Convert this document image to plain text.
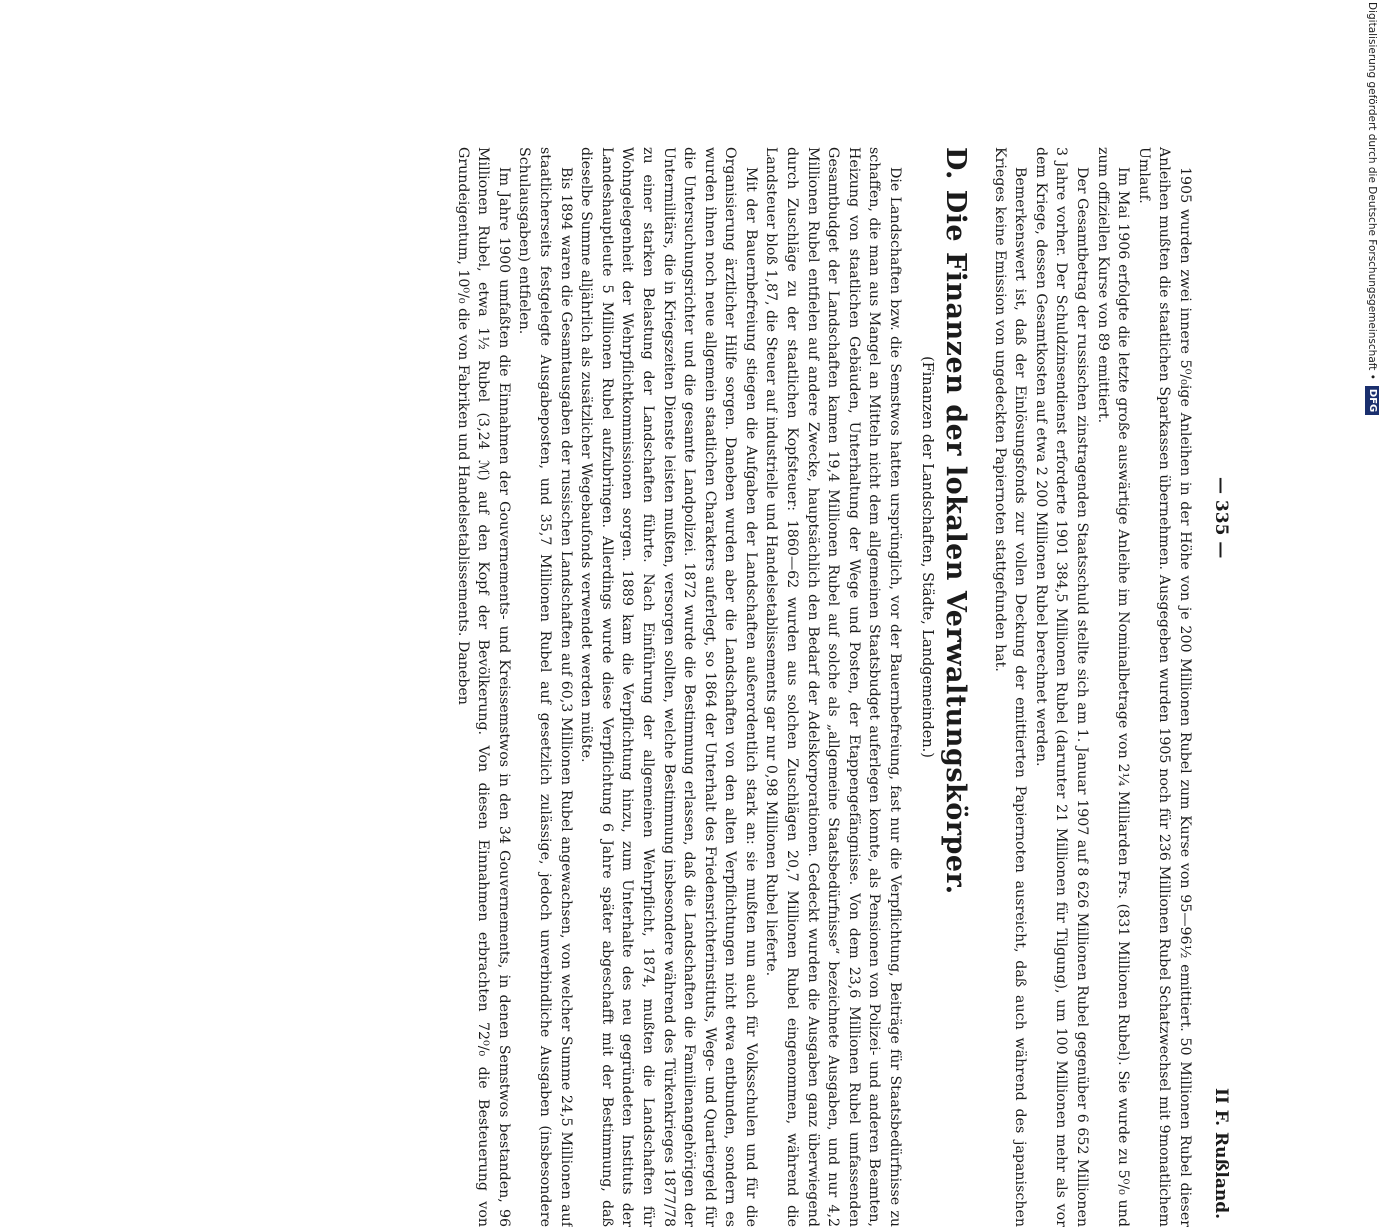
— 335 —
II F. Rußland.

1905 wurden zwei innere 5⁰/₀ige Anleihen in der Höhe von je 200 Millionen Rubel zum Kurse von 95—96½ emittiert. 50 Millionen Rubel dieser Anleihen mußten die staatlichen Sparkassen übernehmen. Ausgegeben wurden 1905 noch für 236 Millionen Rubel Schatzwechsel mit 9monatlichem Umlauf.

Im Mai 1906 erfolgte die letzte große auswärtige Anleihe im Nominalbetrage von 2¼ Milliarden Frs. (831 Millionen Rubel). Sie wurde zu 5⁰/₀ und zum offiziellen Kurse von 89 emittiert.

Der Gesamtbetrag der russischen zinstragenden Staatsschuld stellte sich am 1. Januar 1907 auf 8 626 Millionen Rubel gegenüber 6 652 Millionen 3 Jahre vorher. Der Schuldzinsendienst erforderte 1901 384,5 Millionen Rubel (darunter 21 Millionen für Tilgung), um 100 Millionen mehr als vor dem Kriege, dessen Gesamtkosten auf etwa 2 200 Millionen Rubel berechnet werden.

Bemerkenswert ist, daß der Einlösungsfonds zur vollen Deckung der emittierten Papiernoten ausreicht, daß auch während des japanischen Krieges keine Emission von ungedeckten Papiernoten stattgefunden hat.

D. Die Finanzen der lokalen Verwaltungskörper.
(Finanzen der Landschaften, Städte, Landgemeinden.)

Die Landschaften bzw. die Semstwos hatten ursprünglich, vor der Bauernbefreiung, fast nur die Verpflichtung, Beiträge für Staatsbedürfnisse zu schaffen, die man aus Mangel an Mitteln nicht dem allgemeinen Staatsbudget auferlegen konnte, als Pensionen von Polizei- und anderen Beamten, Heizung von staatlichen Gebäuden, Unterhaltung der Wege und Posten, der Etappengefängnisse. Von dem 23,6 Millionen Rubel umfassenden Gesamtbudget der Landschaften kamen 19,4 Millionen Rubel auf solche als „allgemeine Staatsbedürfnisse“ bezeichnete Ausgaben, und nur 4,2 Millionen Rubel entfielen auf andere Zwecke, hauptsächlich den Bedarf der Adelskorporationen. Gedeckt wurden die Ausgaben ganz überwiegend durch Zuschläge zu der staatlichen Kopfsteuer: 1860—62 wurden aus solchen Zuschlägen 20,7 Millionen Rubel eingenommen, während die Landsteuer bloß 1,87, die Steuer auf industrielle und Handelsetablissements gar nur 0,98 Millionen Rubel lieferte.

Mit der Bauernbefreiung stiegen die Aufgaben der Landschaften außerordentlich stark an: sie mußten nun auch für Volksschulen und für die Organisierung ärztlicher Hilfe sorgen. Daneben wurden aber die Landschaften von den alten Verpflichtungen nicht etwa entbunden, sondern es wurden ihnen noch neue allgemein staatlichen Charakters auferlegt, so 1864 der Unterhalt des Friedensrichterinstituts, Wege- und Quartiergeld für die Untersuchungsrichter und die gesamte Landpolizei. 1872 wurde die Bestimmung erlassen, daß die Landschaften die Familienangehörigen der Untermilitärs, die in Kriegszeiten Dienste leisten mußten, versorgen sollten, welche Bestimmung insbesondere während des Türkenkrieges 1877/78 zu einer starken Belastung der Landschaften führte. Nach Einführung der allgemeinen Wehrpflicht, 1874, mußten die Landschaften für Wohngelegenheit der Wehrpflichtkommissionen sorgen. 1889 kam die Verpflichtung hinzu, zum Unterhalte des neu gegründeten Instituts der Landeshauptleute 5 Millionen Rubel aufzubringen. Allerdings wurde diese Verpflichtung 6 Jahre später abgeschafft mit der Bestimmung, daß dieselbe Summe alljährlich als zusätzlicher Wegebaufonds verwendet werden müßte.

Bis 1894 waren die Gesamtausgaben der russischen Landschaften auf 60,3 Millionen Rubel angewachsen, von welcher Summe 24,5 Millionen auf staatlicherseits festgelegte Ausgabeposten, und 35,7 Millionen Rubel auf gesetzlich zulässige, jedoch unverbindliche Ausgaben (insbesondere Schulausgaben) entfielen.

Im Jahre 1900 umfaßten die Einnahmen der Gouvernements- und Kreissemstwos in den 34 Gouvernements, in denen Semstwos bestanden, 96 Millionen Rubel, etwa 1½ Rubel (3,24 ℳ) auf den Kopf der Bevölkerung. Von diesen Einnahmen erbrachten 72⁰/₀ die Besteuerung von Grundeigentum, 10⁰/₀ die von Fabriken und Handelsetablissements. Daneben	Digitalisierung gefördert durch die Deutsche Forschungsgemeinschaft •
DFG
